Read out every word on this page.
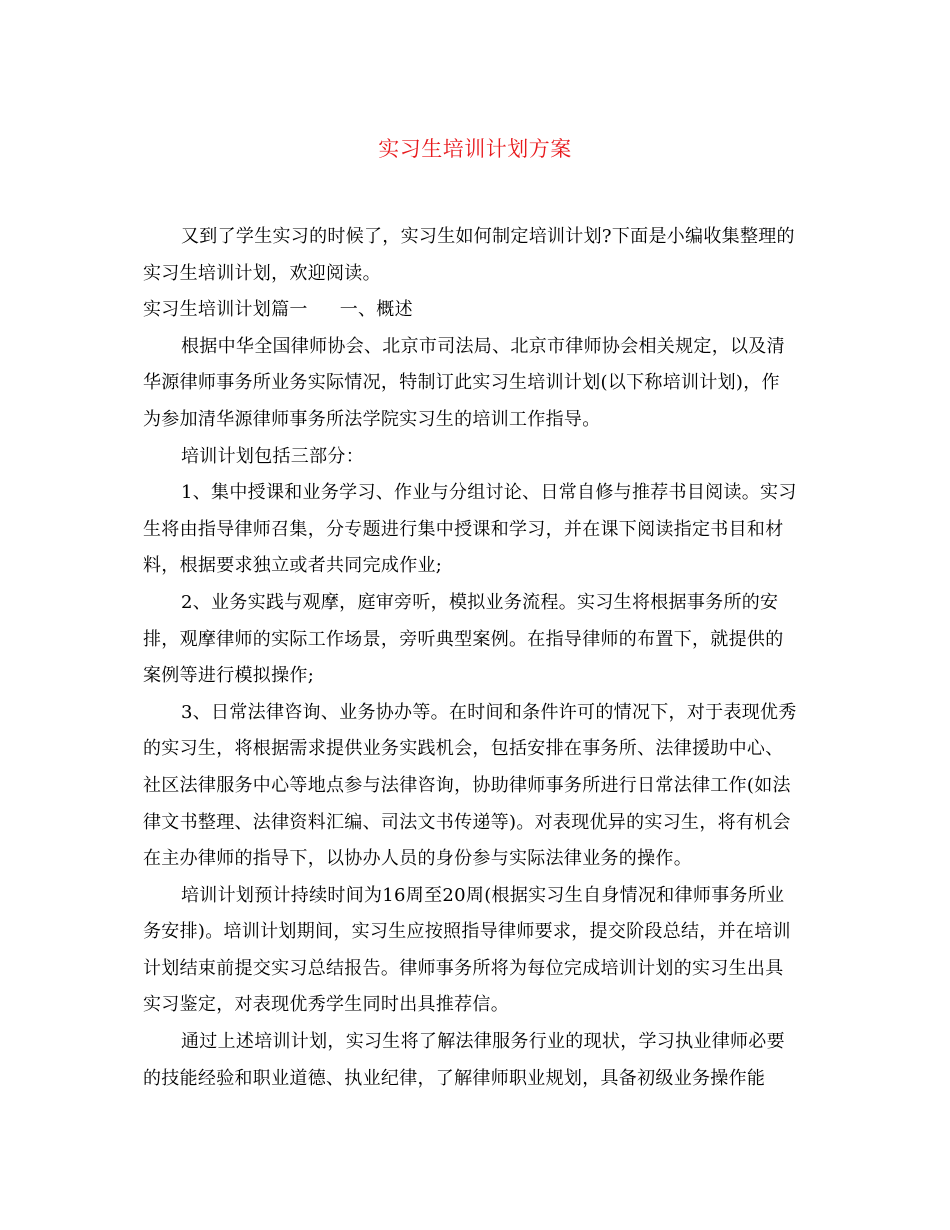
实习生培训计划方案
又到了学生实习的时候了，实习生如何制定培训计划?下面是小编收集整理的
实习生培训计划，欢迎阅读。
实习生培训计划篇一 一、概述
根据中华全国律师协会、北京市司法局、北京市律师协会相关规定，以及清
华源律师事务所业务实际情况，特制订此实习生培训计划(以下称培训计划)，作
为参加清华源律师事务所法学院实习生的培训工作指导。
培训计划包括三部分：
1、集中授课和业务学习、作业与分组讨论、日常自修与推荐书目阅读。实习
生将由指导律师召集，分专题进行集中授课和学习，并在课下阅读指定书目和材
料，根据要求独立或者共同完成作业;
2、业务实践与观摩，庭审旁听，模拟业务流程。实习生将根据事务所的安
排，观摩律师的实际工作场景，旁听典型案例。在指导律师的布置下，就提供的
案例等进行模拟操作;
3、日常法律咨询、业务协办等。在时间和条件许可的情况下，对于表现优秀
的实习生，将根据需求提供业务实践机会，包括安排在事务所、法律援助中心、
社区法律服务中心等地点参与法律咨询，协助律师事务所进行日常法律工作(如法
律文书整理、法律资料汇编、司法文书传递等)。对表现优异的实习生，将有机会
在主办律师的指导下，以协办人员的身份参与实际法律业务的操作。
培训计划预计持续时间为16周至20周(根据实习生自身情况和律师事务所业
务安排)。培训计划期间，实习生应按照指导律师要求，提交阶段总结，并在培训
计划结束前提交实习总结报告。律师事务所将为每位完成培训计划的实习生出具
实习鉴定，对表现优秀学生同时出具推荐信。
通过上述培训计划，实习生将了解法律服务行业的现状，学习执业律师必要
的技能经验和职业道德、执业纪律，了解律师职业规划，具备初级业务操作能
